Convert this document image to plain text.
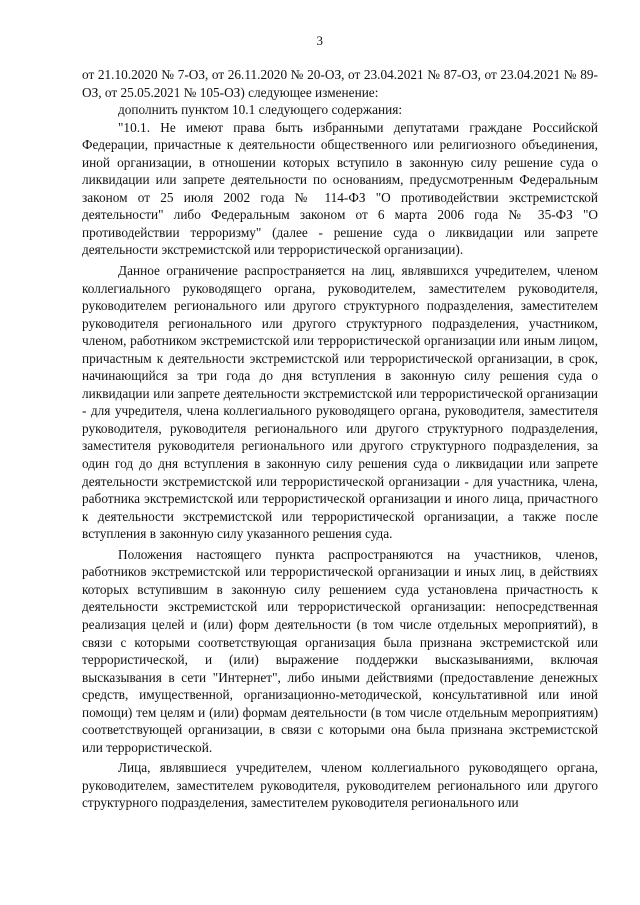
3

от 21.10.2020 № 7-ОЗ, от 26.11.2020 № 20-ОЗ, от 23.04.2021 № 87-ОЗ, от 23.04.2021 № 89-ОЗ, от 25.05.2021 № 105-ОЗ) следующее изменение:

дополнить пунктом 10.1 следующего содержания:

"10.1. Не имеют права быть избранными депутатами граждане Российской Федерации, причастные к деятельности общественного или религиозного объединения, иной организации, в отношении которых вступило в законную силу решение суда о ликвидации или запрете деятельности по основаниям, предусмотренным Федеральным законом от 25 июля 2002 года № 114-ФЗ "О противодействии экстремистской деятельности" либо Федеральным законом от 6 марта 2006 года № 35-ФЗ "О противодействии терроризму" (далее - решение суда о ликвидации или запрете деятельности экстремистской или террористической организации).

Данное ограничение распространяется на лиц, являвшихся учредителем, членом коллегиального руководящего органа, руководителем, заместителем руководителя, руководителем регионального или другого структурного подразделения, заместителем руководителя регионального или другого структурного подразделения, участником, членом, работником экстремистской или террористической организации или иным лицом, причастным к деятельности экстремистской или террористической организации, в срок, начинающийся за три года до дня вступления в законную силу решения суда о ликвидации или запрете деятельности экстремистской или террористической организации - для учредителя, члена коллегиального руководящего органа, руководителя, заместителя руководителя, руководителя регионального или другого структурного подразделения, заместителя руководителя регионального или другого структурного подразделения, за один год до дня вступления в законную силу решения суда о ликвидации или запрете деятельности экстремистской или террористической организации - для участника, члена, работника экстремистской или террористической организации и иного лица, причастного к деятельности экстремистской или террористической организации, а также после вступления в законную силу указанного решения суда.

Положения настоящего пункта распространяются на участников, членов, работников экстремистской или террористической организации и иных лиц, в действиях которых вступившим в законную силу решением суда установлена причастность к деятельности экстремистской или террористической организации: непосредственная реализация целей и (или) форм деятельности (в том числе отдельных мероприятий), в связи с которыми соответствующая организация была признана экстремистской или террористической, и (или) выражение поддержки высказываниями, включая высказывания в сети "Интернет", либо иными действиями (предоставление денежных средств, имущественной, организационно-методической, консультативной или иной помощи) тем целям и (или) формам деятельности (в том числе отдельным мероприятиям) соответствующей организации, в связи с которыми она была признана экстремистской или террористической.

Лица, являвшиеся учредителем, членом коллегиального руководящего органа, руководителем, заместителем руководителя, руководителем регионального или другого структурного подразделения, заместителем руководителя регионального или
